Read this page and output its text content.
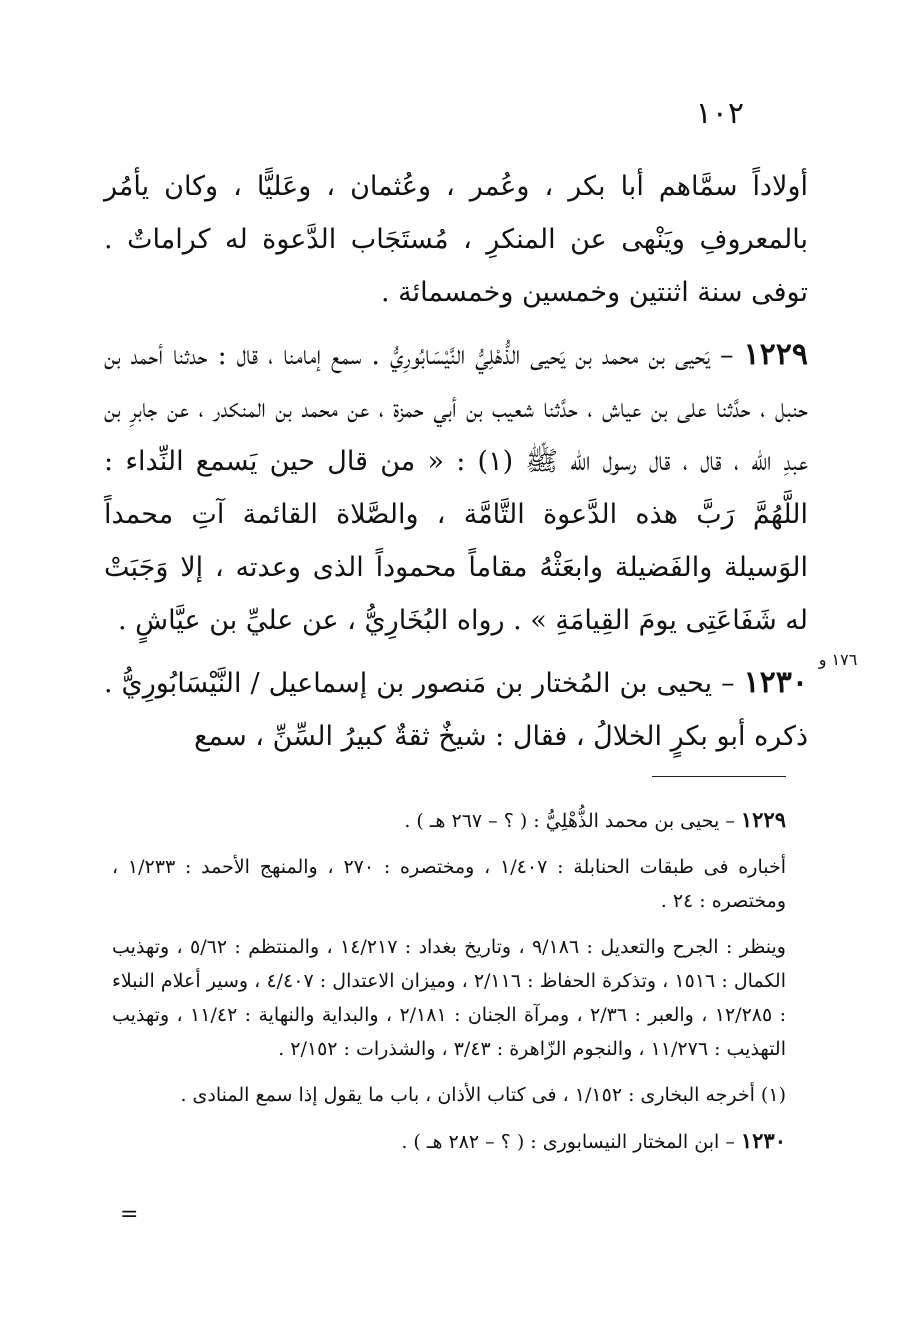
١٠٢

أولاداً سمَّاهم أبا بكر ، وعُمر ، وعُثمان ، وعَليًّا ، وكان يأمُر بالمعروفِ ويَنْهى عن المنكرِ ، مُستَجَاب الدَّعوة له كراماتٌ . توفى سنة اثنتين وخمسين وخمسمائة .

١٢٢٩ – يَحيى بن محمد بن يَحيى الذُّهْلِيُّ النَّيْسَابُورِيُّ . سمع إمامنا ، قال : حدثنا أحمد بن حنبل ، حدَّثنا على بن عياش ، حدَّثنا شعيب بن أبي حمزة ، عن محمد بن المنكدر ، عن جابرِ بن عبدِ الله ، قال ، قال رسول الله ﷺ (١) : « من قال حين يَسمع النِّداء : اللَّهُمَّ رَبَّ هذه الدَّعوة التَّامَّة ، والصَّلاة القائمة آتِ محمداً الوَسيلة والفَضيلة وابعَثْهُ مقاماً محموداً الذى وعدته ، إلا وَجَبَتْ له شَفَاعَتِى يومَ القِيامَةِ » . رواه البُخَارِيُّ ، عن عليِّ بن عيَّاشٍ .

١٢٣٠ – يحيى بن المُختار بن مَنصور بن إسماعيل / النَّيْسَابُورِيُّ . ذكره أبو بكرٍ الخلالُ ، فقال : شيخٌ ثقةٌ كبيرُ السِّنِّ ، سمع

١٧٦ و

١٢٢٩ – يحيى بن محمد الذُّهْلِيُّ : ( ؟ – ٢٦٧ هـ ) .

أخباره فى طبقات الحنابلة : ١/٤٠٧ ، ومختصره : ٢٧٠ ، والمنهج الأحمد : ١/٢٣٣ ، ومختصره : ٢٤ .

وينظر : الجرح والتعديل : ٩/١٨٦ ، وتاريخ بغداد : ١٤/٢١٧ ، والمنتظم : ٥/٦٢ ، وتهذيب الكمال : ١٥١٦ ، وتذكرة الحفاظ : ٢/١١٦ ، وميزان الاعتدال : ٤/٤٠٧ ، وسير أعلام النبلاء : ١٢/٢٨٥ ، والعبر : ٢/٣٦ ، ومرآة الجنان : ٢/١٨١ ، والبداية والنهاية : ١١/٤٢ ، وتهذيب التهذيب : ١١/٢٧٦ ، والنجوم الزّاهرة : ٣/٤٣ ، والشذرات : ٢/١٥٢ .

(١) أخرجه البخارى : ١/١٥٢ ، فى كتاب الأذان ، باب ما يقول إذا سمع المنادى .

١٢٣٠ – ابن المختار النيسابورى : ( ؟ – ٢٨٢ هـ ) .

=
